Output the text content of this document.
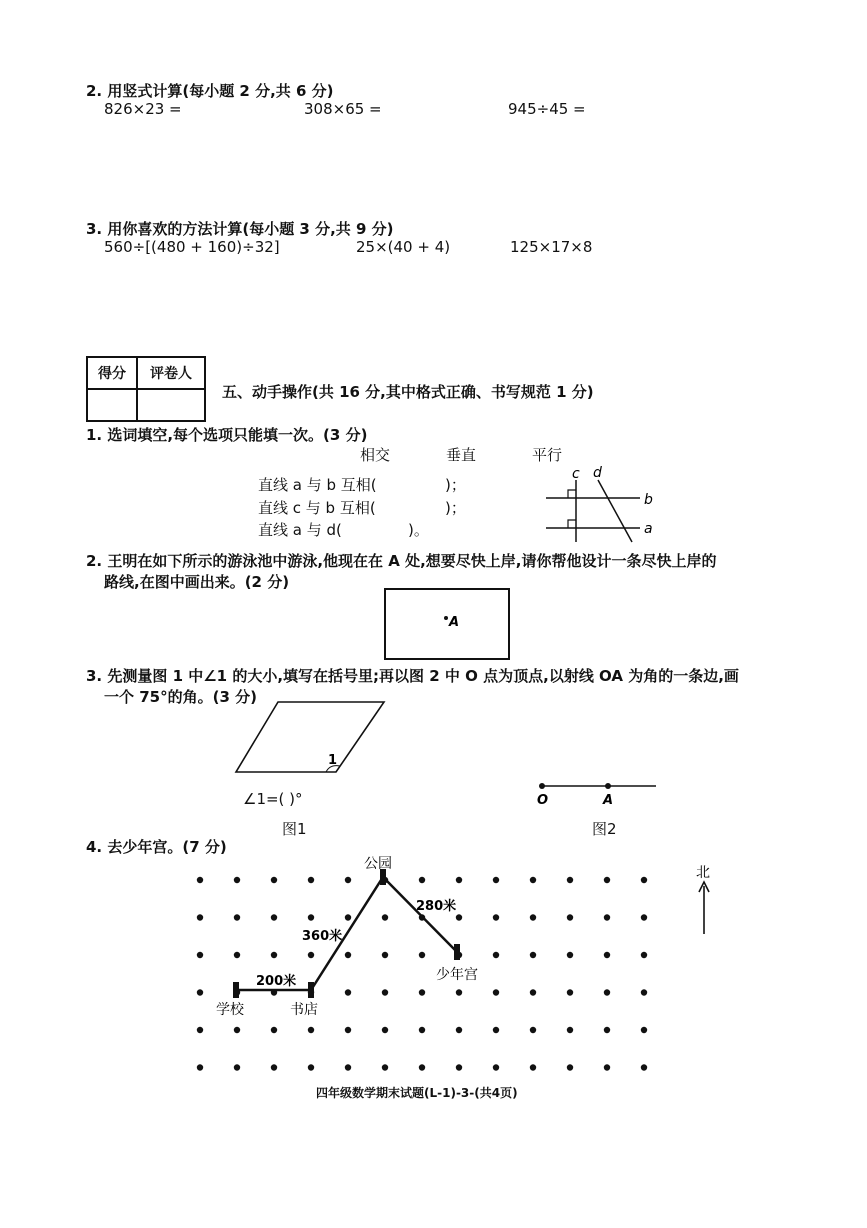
2. 用竖式计算(每小题 2 分,共 6 分)
826×23 =	308×65 =	945÷45 =
3. 用你喜欢的方法计算(每小题 3 分,共 9 分)
560÷[(480 + 160)÷32]	25×(40 + 4)	125×17×8
得分	评卷人

五、动手操作(共 16 分,其中格式正确、书写规范 1 分)
1. 选词填空,每个选项只能填一次。(3 分)
相交	垂直	平行
直线 a 与 b 互相(	)；
直线 c 与 b 互相(	)；
直线 a 与 d(	)。
c d
b
a
2. 王明在如下所示的游泳池中游泳,他现在在 A 处,想要尽快上岸,请你帮他设计一条尽快上岸的
路线,在图中画出来。(2 分)
A
3. 先测量图 1 中∠1 的大小,填写在括号里;再以图 2 中 O 点为顶点,以射线 OA 为角的一条边,画
一个 75°的角。(3 分)
1
∠1=( )°
图1
O	A
图2
4. 去少年宫。(7 分)
公园
少年宫
学校	书店
200米
360米
280米
北
四年级数学期末试题(L-1)-3-(共4页)
